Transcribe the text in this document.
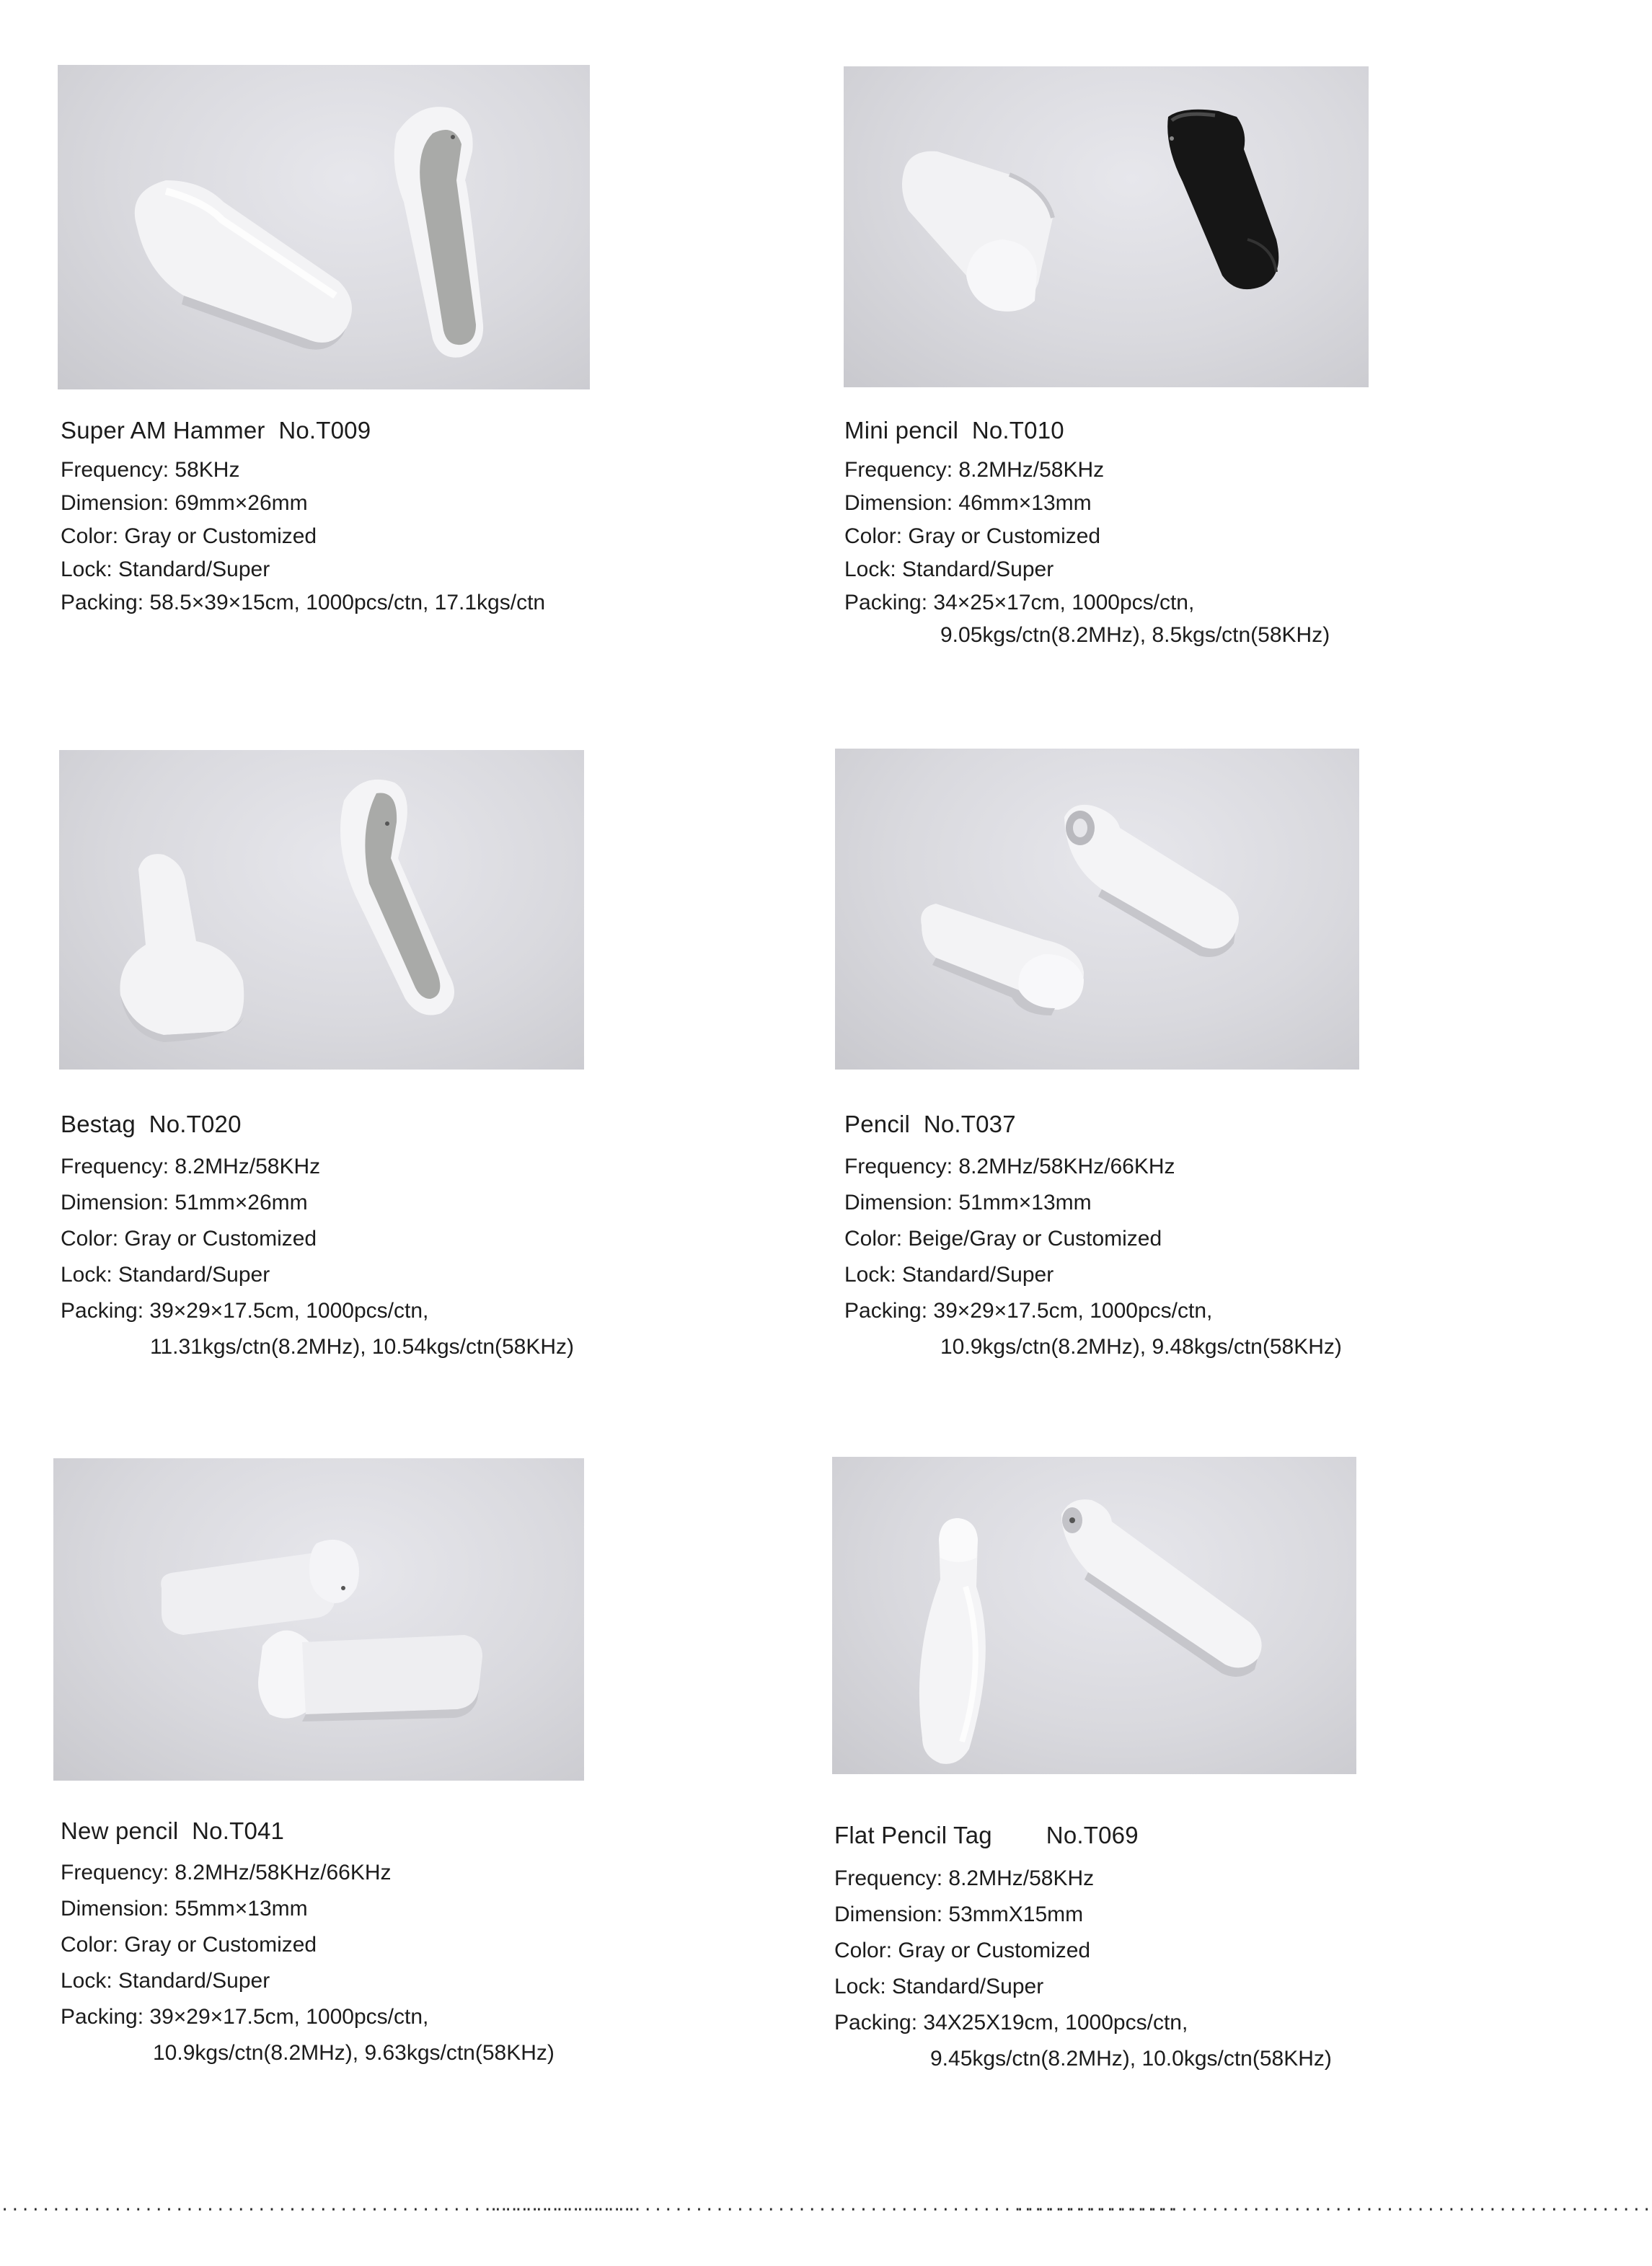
Super AM Hammer  No.T009
Frequency: 58KHz
Dimension: 69mm×26mm
Color: Gray or Customized
Lock: Standard/Super
Packing: 58.5×39×15cm, 1000pcs/ctn, 17.1kgs/ctn
Mini pencil  No.T010
Frequency: 8.2MHz/58KHz
Dimension: 46mm×13mm
Color: Gray or Customized
Lock: Standard/Super
Packing: 34×25×17cm, 1000pcs/ctn,
9.05kgs/ctn(8.2MHz), 8.5kgs/ctn(58KHz)
Bestag  No.T020
Frequency: 8.2MHz/58KHz
Dimension: 51mm×26mm
Color: Gray or Customized
Lock: Standard/Super
Packing: 39×29×17.5cm, 1000pcs/ctn,
11.31kgs/ctn(8.2MHz), 10.54kgs/ctn(58KHz)
Pencil  No.T037
Frequency: 8.2MHz/58KHz/66KHz
Dimension: 51mm×13mm
Color: Beige/Gray or Customized
Lock: Standard/Super
Packing: 39×29×17.5cm, 1000pcs/ctn,
10.9kgs/ctn(8.2MHz), 9.48kgs/ctn(58KHz)
New pencil  No.T041
Frequency: 8.2MHz/58KHz/66KHz
Dimension: 55mm×13mm
Color: Gray or Customized
Lock: Standard/Super
Packing: 39×29×17.5cm, 1000pcs/ctn,
10.9kgs/ctn(8.2MHz), 9.63kgs/ctn(58KHz)
Flat Pencil Tag        No.T069
Frequency: 8.2MHz/58KHz
Dimension: 53mmX15mm
Color: Gray or Customized
Lock: Standard/Super
Packing: 34X25X19cm, 1000pcs/ctn,
9.45kgs/ctn(8.2MHz), 10.0kgs/ctn(58KHz)
..............................................................
...................................................................
..............................................................
